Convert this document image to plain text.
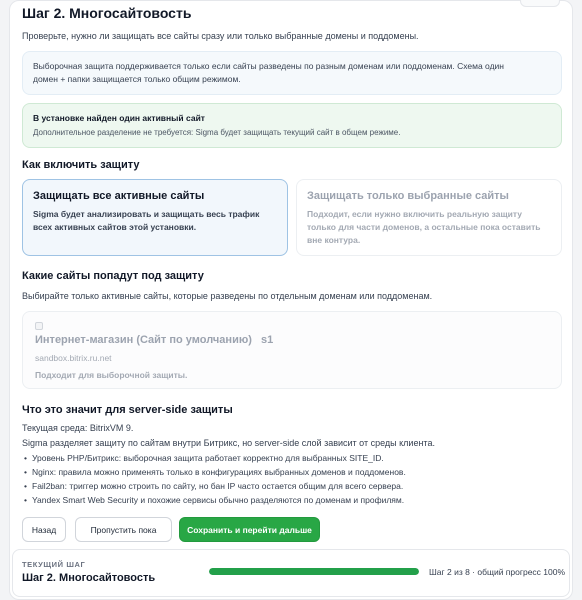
Шаг 2. Многосайтовость
Проверьте, нужно ли защищать все сайты сразу или только выбранные домены и поддомены.
Выборочная защита поддерживается только если сайты разведены по разным доменам или поддоменам. Схема один
домен + папки защищается только общим режимом.
В установке найден один активный сайт
Дополнительное разделение не требуется: Sigma будет защищать текущий сайт в общем режиме.
Как включить защиту
Защищать все активные сайты
Sigma будет анализировать и защищать весь трафик
всех активных сайтов этой установки.
Защищать только выбранные сайты
Подходит, если нужно включить реальную защиту
только для части доменов, а остальные пока оставить
вне контура.
Какие сайты попадут под защиту
Выбирайте только активные сайты, которые разведены по отдельным доменам или поддоменам.
Интернет-магазин (Сайт по умолчанию)   s1
sandbox.bitrix.ru.net
Подходит для выборочной защиты.
Что это значит для server-side защиты
Текущая среда: BitrixVM 9.
Sigma разделяет защиту по сайтам внутри Битрикс, но server-side слой зависит от среды клиента.
• Уровень PHP/Битрикс: выборочная защита работает корректно для выбранных SITE_ID.
• Nginx: правила можно применять только в конфигурациях выбранных доменов и поддоменов.
• Fail2ban: триггер можно строить по сайту, но бан IP часто остается общим для всего сервера.
• Yandex Smart Web Security и похожие сервисы обычно разделяются по доменам и профилям.
Назад	Пропустить пока	Сохранить и перейти дальше
ТЕКУЩИЙ ШАГ
Шаг 2. Многосайтовость	Шаг 2 из 8 · общий прогресс 100%
